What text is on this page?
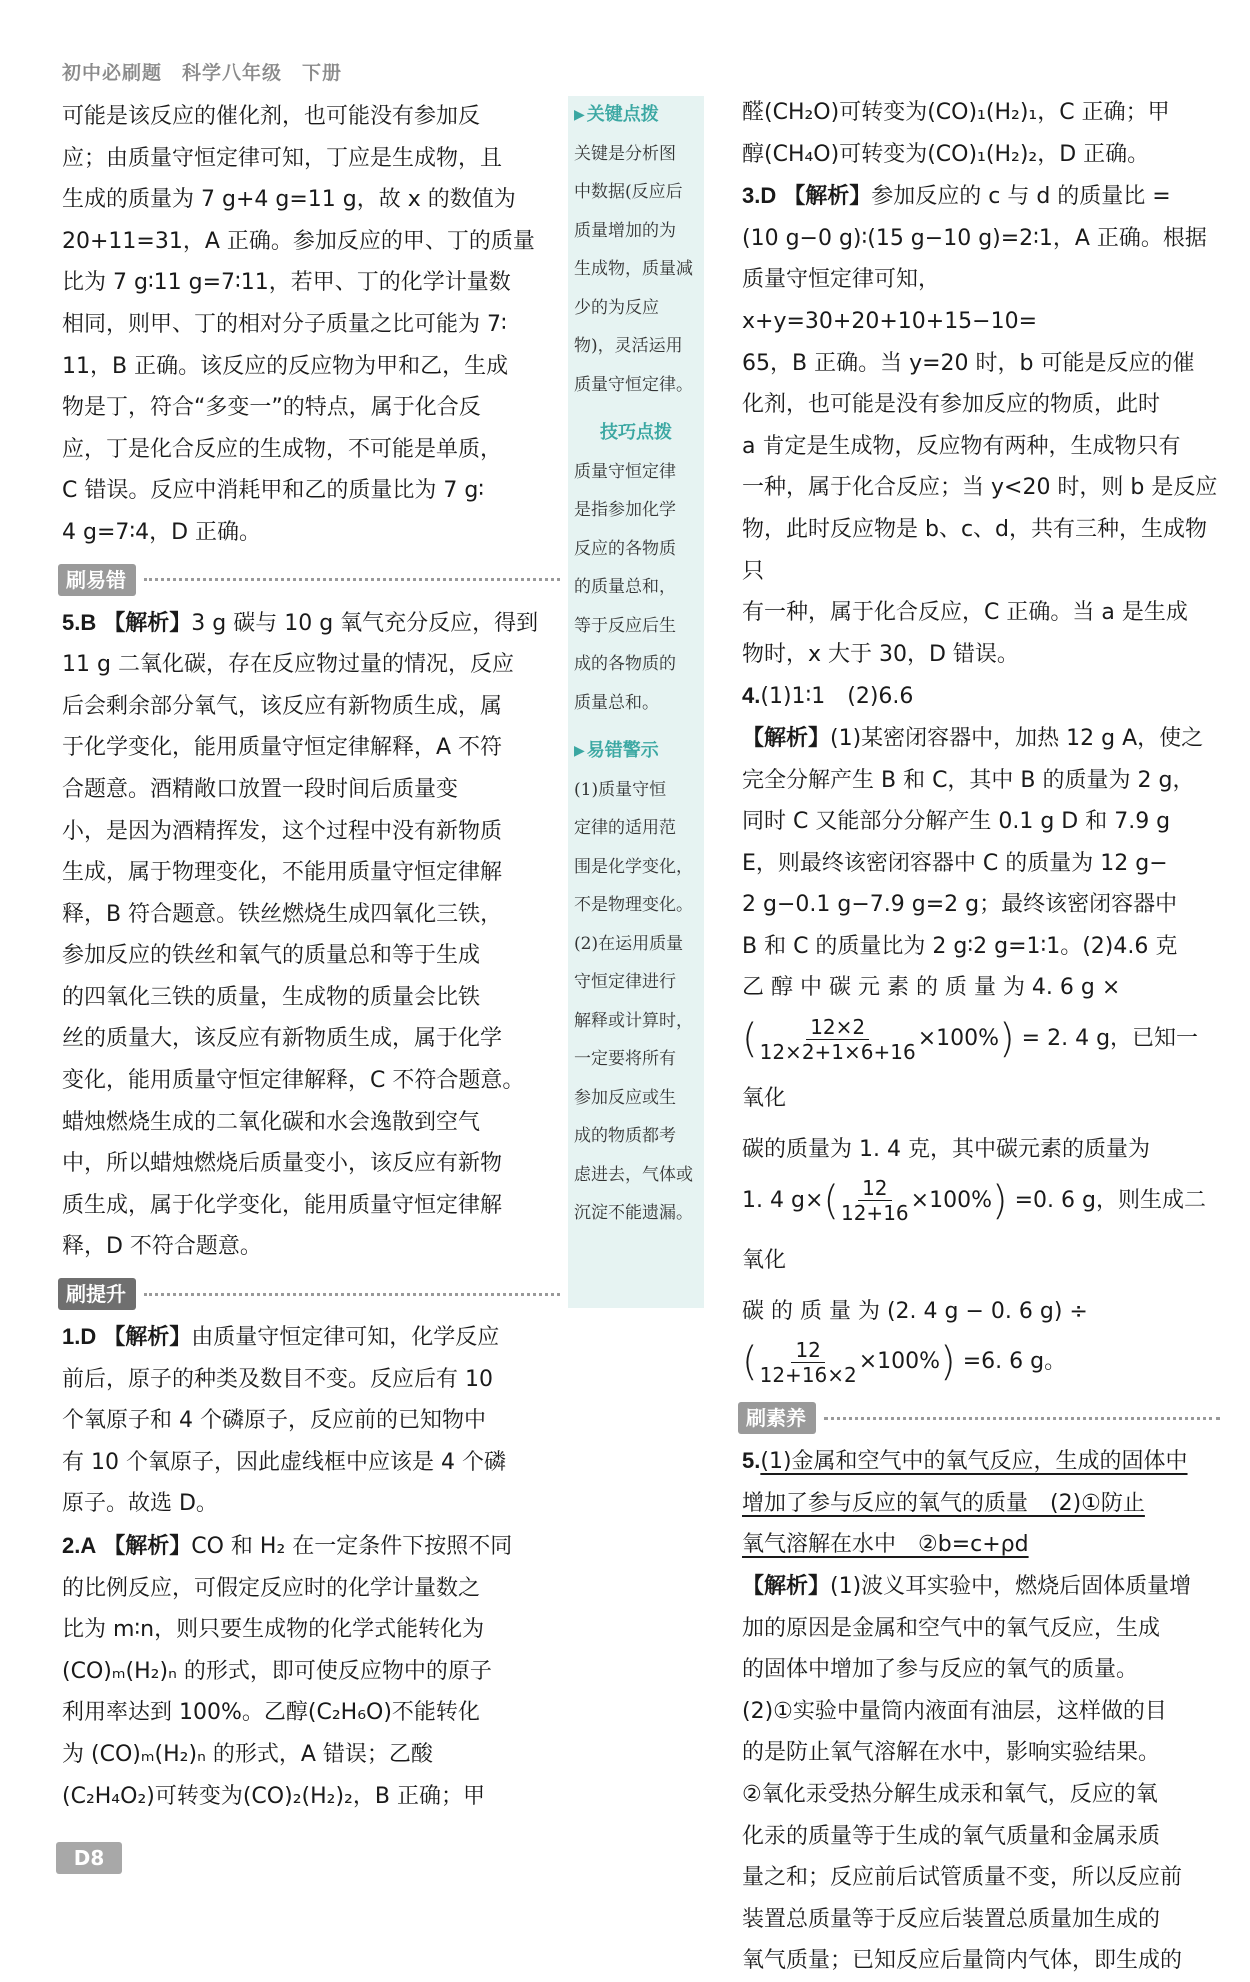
初中必刷题　科学八年级　下册

可能是该反应的催化剂，也可能没有参加反

应；由质量守恒定律可知，丁应是生成物，且

生成的质量为 7 g+4 g=11 g，故 x 的数值为

20+11=31，A 正确。参加反应的甲、丁的质量

比为 7 g∶11 g=7∶11，若甲、丁的化学计量数

相同，则甲、丁的相对分子质量之比可能为 7∶

11，B 正确。该反应的反应物为甲和乙，生成

物是丁，符合“多变一”的特点，属于化合反

应，丁是化合反应的生成物，不可能是单质，

C 错误。反应中消耗甲和乙的质量比为 7 g∶

4 g=7∶4，D 正确。

刷易错

5.B 【解析】3 g 碳与 10 g 氧气充分反应，得到

11 g 二氧化碳，存在反应物过量的情况，反应

后会剩余部分氧气，该反应有新物质生成，属

于化学变化，能用质量守恒定律解释，A 不符

合题意。酒精敞口放置一段时间后质量变

小，是因为酒精挥发，这个过程中没有新物质

生成，属于物理变化，不能用质量守恒定律解

释，B 符合题意。铁丝燃烧生成四氧化三铁，

参加反应的铁丝和氧气的质量总和等于生成

的四氧化三铁的质量，生成物的质量会比铁

丝的质量大，该反应有新物质生成，属于化学

变化，能用质量守恒定律解释，C 不符合题意。

蜡烛燃烧生成的二氧化碳和水会逸散到空气

中，所以蜡烛燃烧后质量变小，该反应有新物

质生成，属于化学变化，能用质量守恒定律解

释，D 不符合题意。

刷提升

1.D 【解析】由质量守恒定律可知，化学反应

前后，原子的种类及数目不变。反应后有 10

个氧原子和 4 个磷原子，反应前的已知物中

有 10 个氧原子，因此虚线框中应该是 4 个磷

原子。故选 D。

2.A 【解析】CO 和 H₂ 在一定条件下按照不同

的比例反应，可假定反应时的化学计量数之

比为 m∶n，则只要生成物的化学式能转化为

(CO)ₘ(H₂)ₙ 的形式，即可使反应物中的原子

利用率达到 100%。乙醇(C₂H₆O)不能转化

为 (CO)ₘ(H₂)ₙ 的形式，A 错误；乙酸

(C₂H₄O₂)可转变为(CO)₂(H₂)₂，B 正确；甲

▶ 关键点拨

关键是分析图

中数据(反应后

质量增加的为

生成物，质量减

少的为反应

物)，灵活运用

质量守恒定律。

技巧点拨

质量守恒定律

是指参加化学

反应的各物质

的质量总和，

等于反应后生

成的各物质的

质量总和。

▶ 易错警示

(1)质量守恒

定律的适用范

围是化学变化，

不是物理变化。

(2)在运用质量

守恒定律进行

解释或计算时，

一定要将所有

参加反应或生

成的物质都考

虑进去，气体或

沉淀不能遗漏。

醛(CH₂O)可转变为(CO)₁(H₂)₁，C 正确；甲

醇(CH₄O)可转变为(CO)₁(H₂)₂，D 正确。

3.D 【解析】参加反应的 c 与 d 的质量比 =

(10 g−0 g)∶(15 g−10 g)=2∶1，A 正确。根据

质量守恒定律可知，x+y=30+20+10+15−10=

65，B 正确。当 y=20 时，b 可能是反应的催

化剂，也可能是没有参加反应的物质，此时

a 肯定是生成物，反应物有两种，生成物只有

一种，属于化合反应；当 y<20 时，则 b 是反应

物，此时反应物是 b、c、d，共有三种，生成物只

有一种，属于化合反应，C 正确。当 a 是生成

物时，x 大于 30，D 错误。

4.(1)1∶1　(2)6.6

【解析】(1)某密闭容器中，加热 12 g A，使之

完全分解产生 B 和 C，其中 B 的质量为 2 g，

同时 C 又能部分分解产生 0.1 g D 和 7.9 g

E，则最终该密闭容器中 C 的质量为 12 g−

2 g−0.1 g−7.9 g=2 g；最终该密闭容器中

B 和 C 的质量比为 2 g∶2 g=1∶1。(2)4.6 克

乙 醇 中 碳 元 素 的 质 量 为 4. 6 g ×

( $\frac{12\times 2}{12\times 2+1\times 6+16} \times 100\%) = 2$. 4 g，已知一氧化

碳的质量为 1. 4 克，其中碳元素的质量为

1. 4 $g\times( \frac{12}{12+16} \times 100\%) =0$. 6 g，则生成二氧化

碳 的 质 量 为 (2. 4 g − 0. 6 g) ÷

( $\frac{12}{12+16\times 2} \times 100\%) =6$. 6 g。

刷素养

5.(1)金属和空气中的氧气反应，生成的固体中

增加了参与反应的氧气的质量　(2)①防止

氧气溶解在水中　②b=c+ρd

【解析】(1)波义耳实验中，燃烧后固体质量增

加的原因是金属和空气中的氧气反应，生成

的固体中增加了参与反应的氧气的质量。

(2)①实验中量筒内液面有油层，这样做的目

的是防止氧气溶解在水中，影响实验结果。

②氧化汞受热分解生成汞和氧气，反应的氧

化汞的质量等于生成的氧气质量和金属汞质

量之和；反应前后试管质量不变，所以反应前

装置总质量等于反应后装置总质量加生成的

氧气质量；已知反应后量筒内气体，即生成的

D8
